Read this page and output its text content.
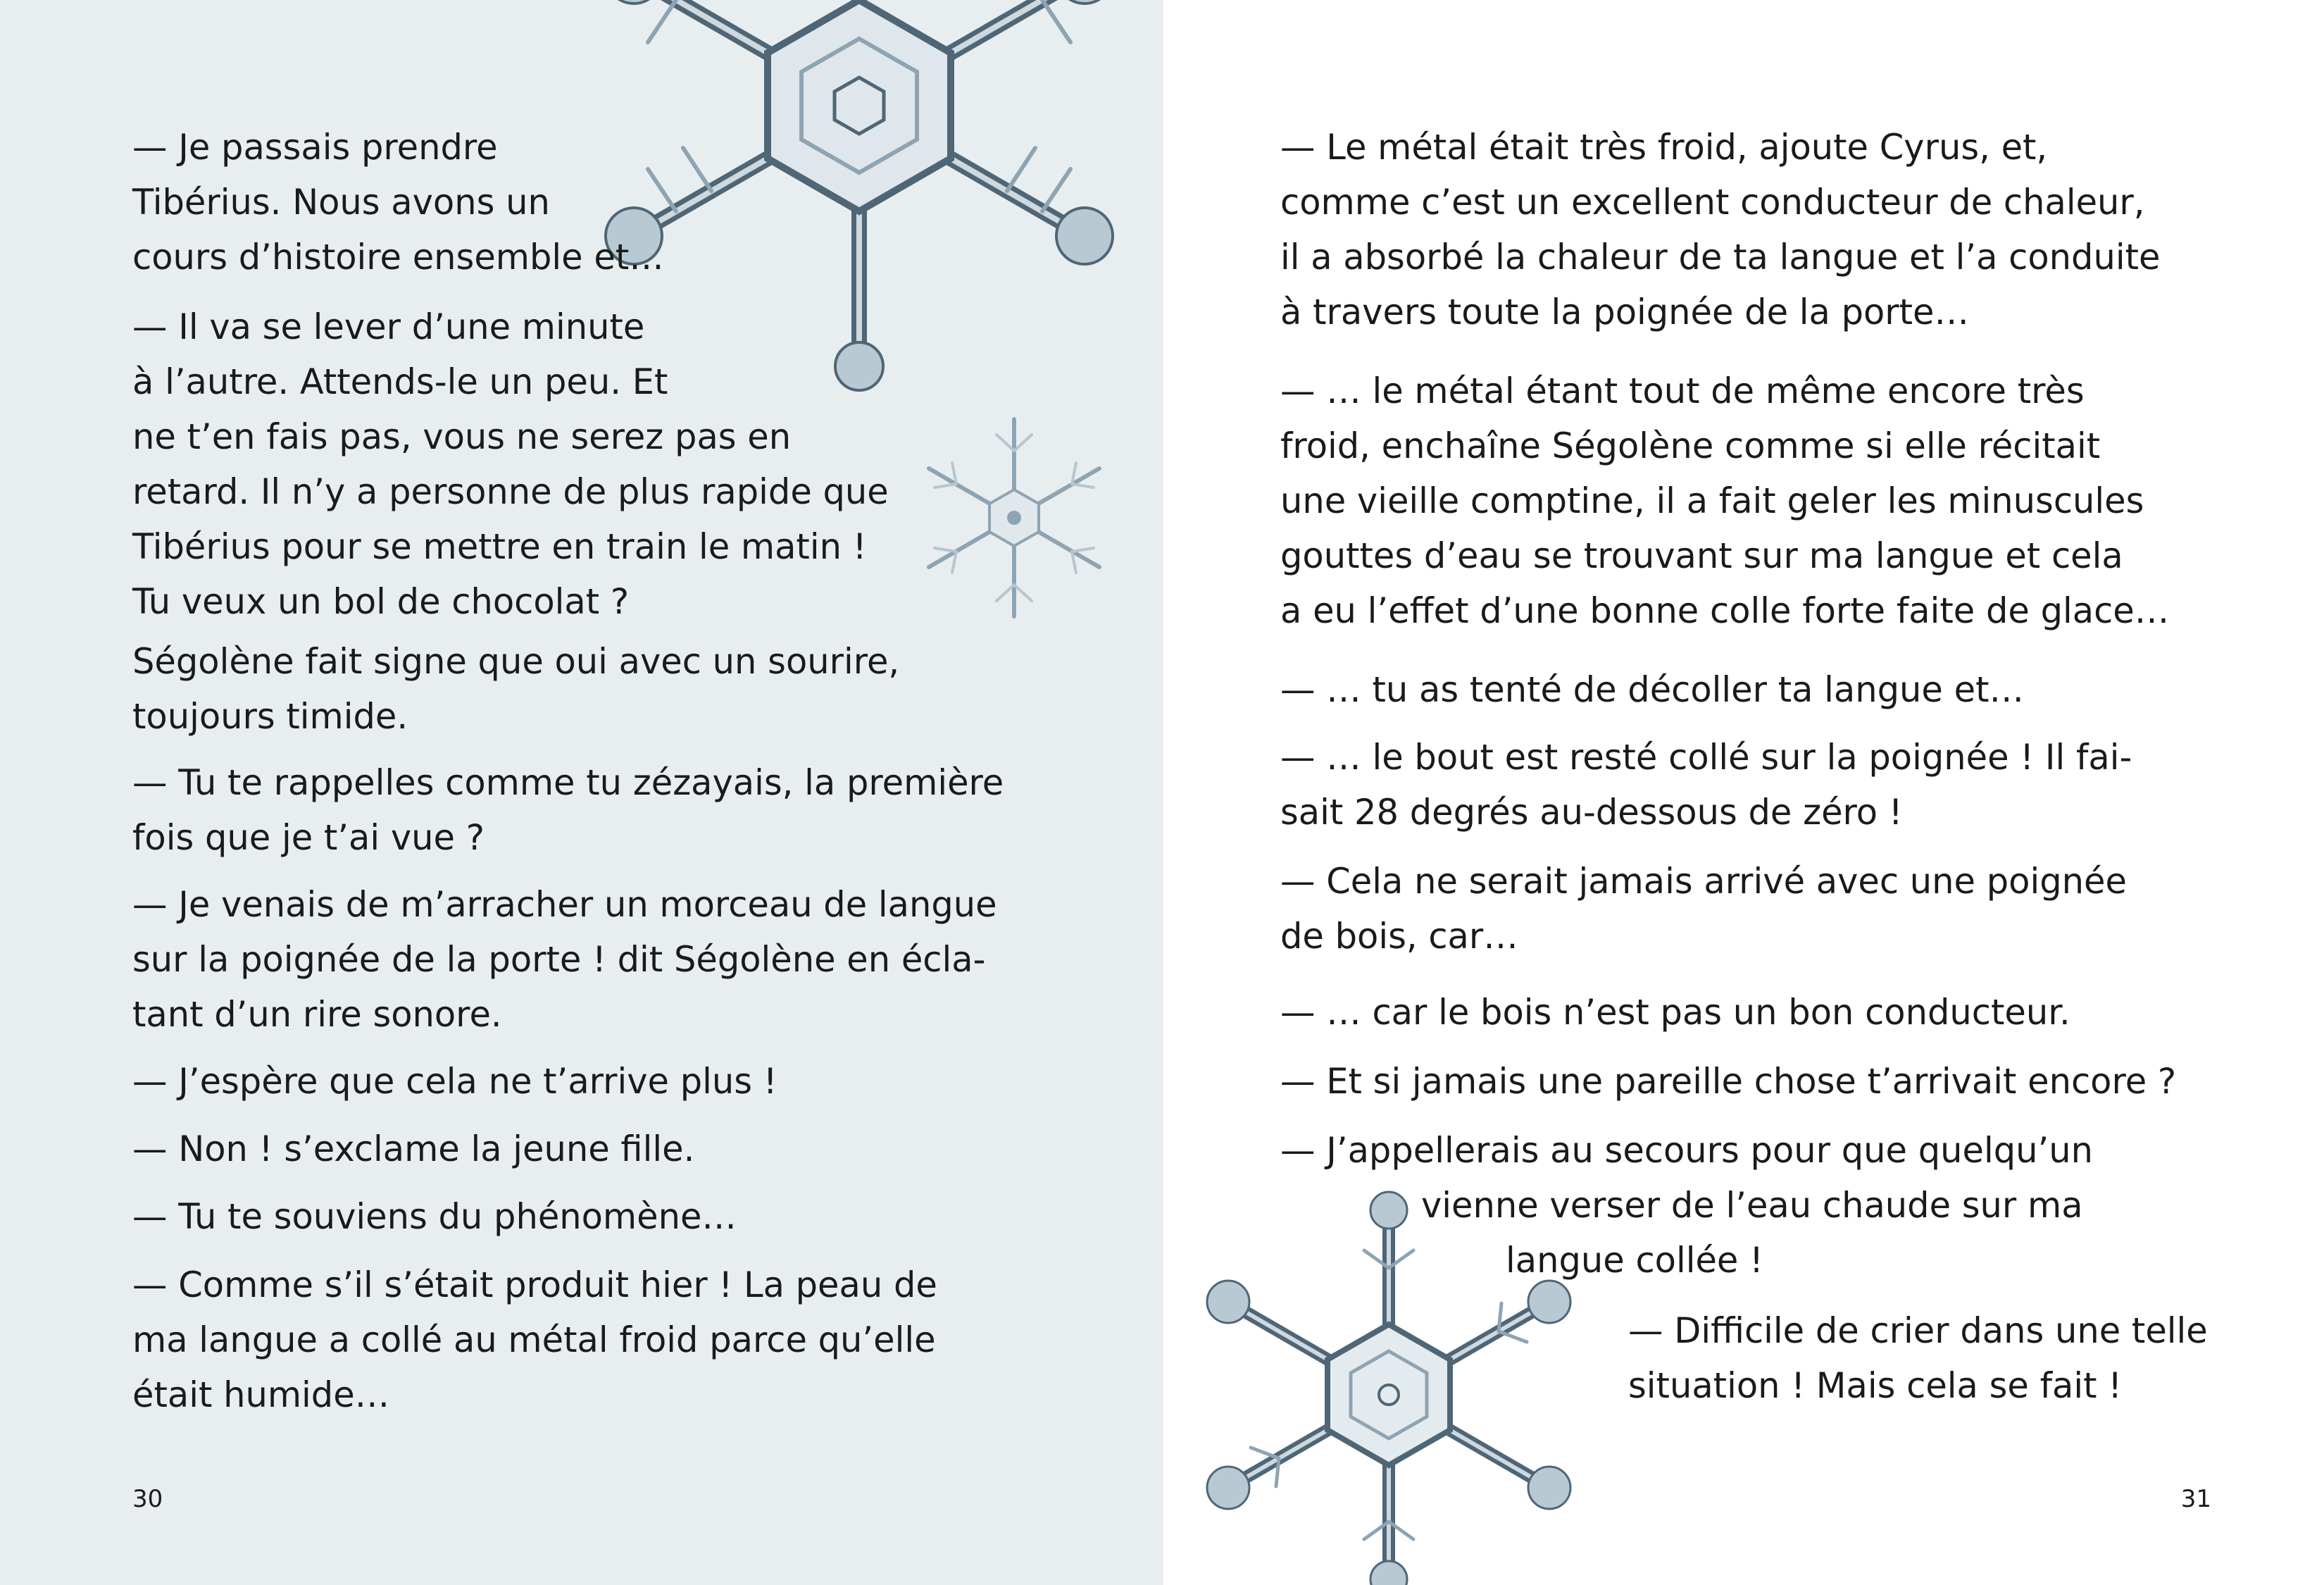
— Je passais prendre
Tibérius. Nous avons un
cours d’histoire ensemble et…
— Il va se lever d’une minute
à l’autre. Attends-le un peu. Et
ne t’en fais pas, vous ne serez pas en
retard. Il n’y a personne de plus rapide que
Tibérius pour se mettre en train le matin !
Tu veux un bol de chocolat ?
Ségolène fait signe que oui avec un sourire,
toujours timide.
— Tu te rappelles comme tu zézayais, la première
fois que je t’ai vue ?
— Je venais de m’arracher un morceau de langue
sur la poignée de la porte ! dit Ségolène en écla-
tant d’un rire sonore.
— J’espère que cela ne t’arrive plus !
— Non ! s’exclame la jeune fille.
— Tu te souviens du phénomène…
— Comme s’il s’était produit hier ! La peau de
ma langue a collé au métal froid parce qu’elle
était humide…

30

— Le métal était très froid, ajoute Cyrus, et,
comme c’est un excellent conducteur de chaleur,
il a absorbé la chaleur de ta langue et l’a conduite
à travers toute la poignée de la porte…
— … le métal étant tout de même encore très
froid, enchaîne Ségolène comme si elle récitait
une vieille comptine, il a fait geler les minuscules
gouttes d’eau se trouvant sur ma langue et cela
a eu l’effet d’une bonne colle forte faite de glace…
— … tu as tenté de décoller ta langue et…
— … le bout est resté collé sur la poignée ! Il fai-
sait 28 degrés au-dessous de zéro !
— Cela ne serait jamais arrivé avec une poignée
de bois, car…
— … car le bois n’est pas un bon conducteur.
— Et si jamais une pareille chose t’arrivait encore ?
— J’appellerais au secours pour que quelqu’un
vienne verser de l’eau chaude sur ma
langue collée !
— Difficile de crier dans une telle
situation ! Mais cela se fait !

31
